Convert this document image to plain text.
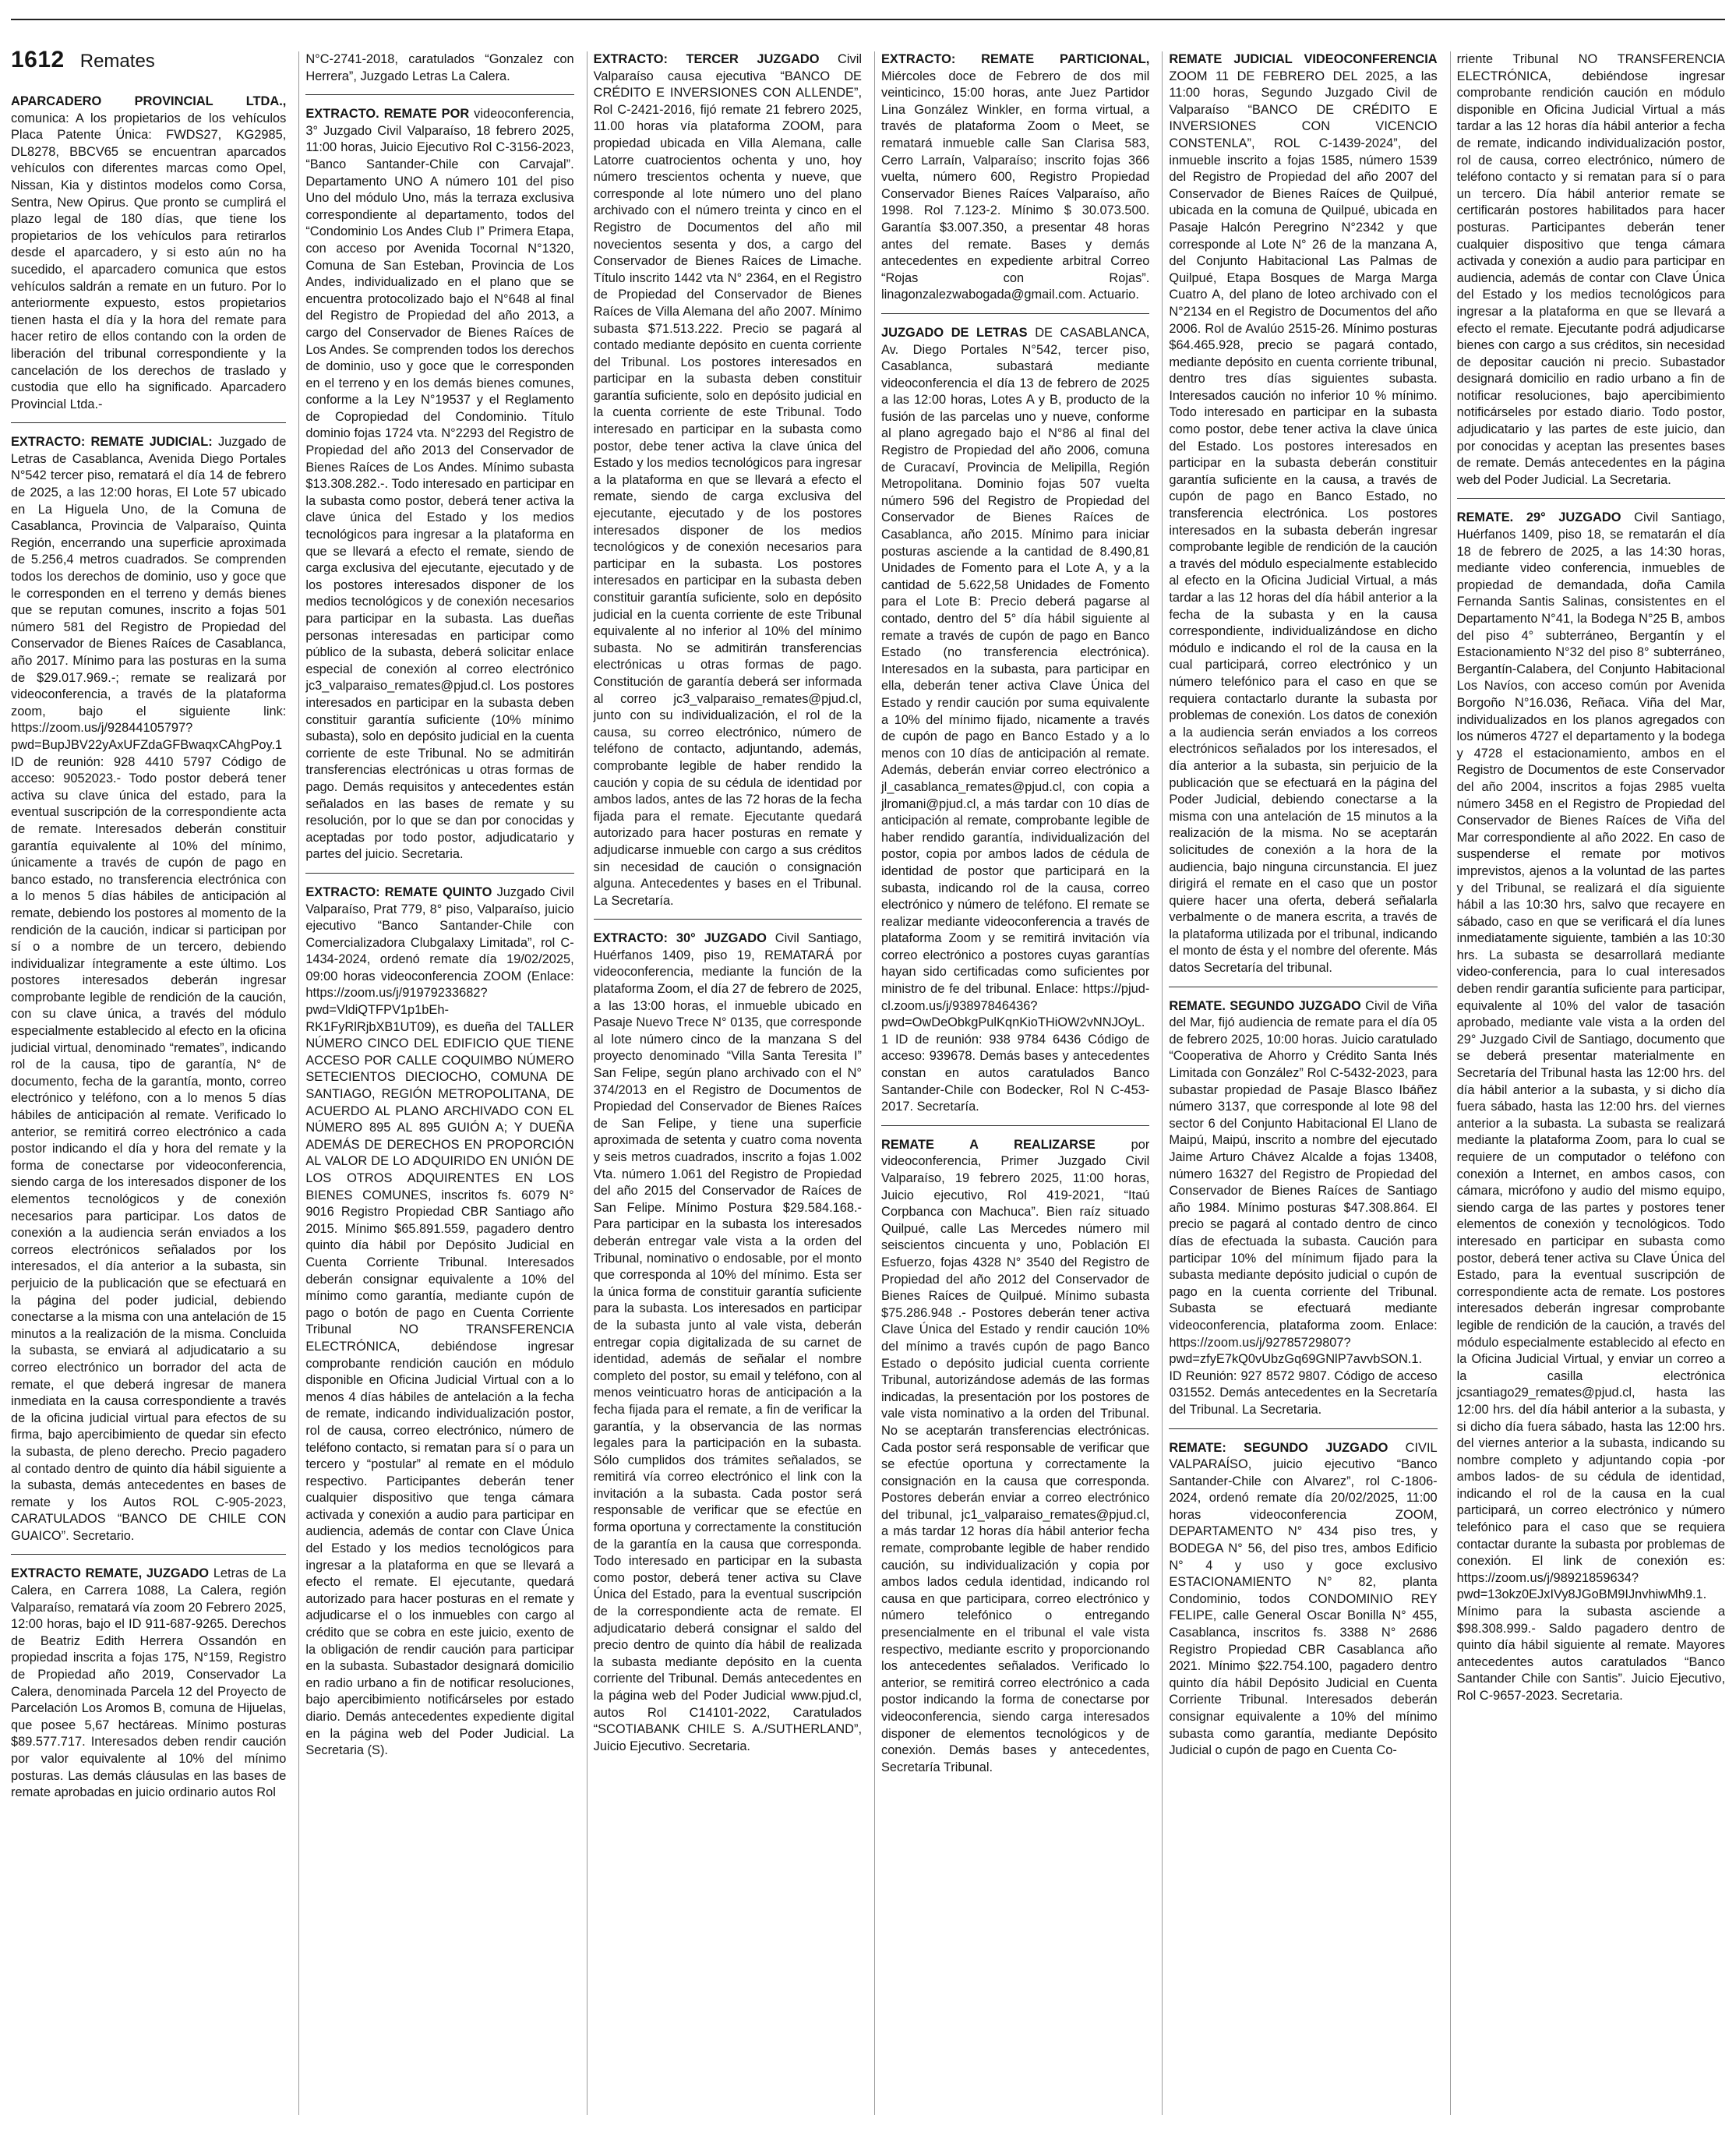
1612 Remates

APARCADERO PROVINCIAL LTDA., comunica: A los propietarios de los vehículos Placa Patente Única: FWDS27, KG2985, DL8278, BBCV65 se encuentran aparcados vehículos con diferentes marcas como Opel, Nissan, Kia y distintos modelos como Corsa, Sentra, New Opirus. Que pronto se cumplirá el plazo legal de 180 días, que tiene los propietarios de los vehículos para retirarlos desde el aparcadero, y si esto aún no ha sucedido, el aparcadero comunica que estos vehículos saldrán a remate en un futuro. Por lo anteriormente expuesto, estos propietarios tienen hasta el día y la hora del remate para hacer retiro de ellos contando con la orden de liberación del tribunal correspondiente y la cancelación de los derechos de traslado y custodia que ello ha significado. Aparcadero Provincial Ltda.-

EXTRACTO: REMATE JUDICIAL: Juzgado de Letras de Casablanca, Avenida Diego Portales N°542 tercer piso, rematará el día 14 de febrero de 2025, a las 12:00 horas, El Lote 57 ubicado en La Higuela Uno, de la Comuna de Casablanca, Provincia de Valparaíso, Quinta Región, encerrando una superficie aproximada de 5.256,4 metros cuadrados. Se comprenden todos los derechos de dominio, uso y goce que le corresponden en el terreno y demás bienes que se reputan comunes, inscrito a fojas 501 número 581 del Registro de Propiedad del Conservador de Bienes Raíces de Casablanca, año 2017. Mínimo para las posturas en la suma de $29.017.969.-; remate se realizará por videoconferencia, a través de la plataforma zoom, bajo el siguiente link: https://zoom.us/j/92844105797?pwd=BupJBV22yAxUFZdaGFBwaqxCAhgPoy.1 ID de reunión: 928 4410 5797 Código de acceso: 9052023.- Todo postor deberá tener activa su clave única del estado, para la eventual suscripción de la correspondiente acta de remate. Interesados deberán constituir garantía equivalente al 10% del mínimo, únicamente a través de cupón de pago en banco estado, no transferencia electrónica con a lo menos 5 días hábiles de anticipación al remate, debiendo los postores al momento de la rendición de la caución, indicar si participan por sí o a nombre de un tercero, debiendo individualizar íntegramente a este último. Los postores interesados deberán ingresar comprobante legible de rendición de la caución, con su clave única, a través del módulo especialmente establecido al efecto en la oficina judicial virtual, denominado “remates”, indicando rol de la causa, tipo de garantía, N° de documento, fecha de la garantía, monto, correo electrónico y teléfono, con a lo menos 5 días hábiles de anticipación al remate. Verificado lo anterior, se remitirá correo electrónico a cada postor indicando el día y hora del remate y la forma de conectarse por videoconferencia, siendo carga de los interesados disponer de los elementos tecnológicos y de conexión necesarios para participar. Los datos de conexión a la audiencia serán enviados a los correos electrónicos señalados por los interesados, el día anterior a la subasta, sin perjuicio de la publicación que se efectuará en la página del poder judicial, debiendo conectarse a la misma con una antelación de 15 minutos a la realización de la misma. Concluida la subasta, se enviará al adjudicatario a su correo electrónico un borrador del acta de remate, el que deberá ingresar de manera inmediata en la causa correspondiente a través de la oficina judicial virtual para efectos de su firma, bajo apercibimiento de quedar sin efecto la subasta, de pleno derecho. Precio pagadero al contado dentro de quinto día hábil siguiente a la subasta, demás antecedentes en bases de remate y los Autos ROL C-905-2023, CARATULADOS “BANCO DE CHILE CON GUAICO”. Secretario.

EXTRACTO REMATE, JUZGADO Letras de La Calera, en Carrera 1088, La Calera, región Valparaíso, rematará vía zoom 20 Febrero 2025, 12:00 horas, bajo el ID 911-687-9265. Derechos de Beatriz Edith Herrera Ossandón en propiedad inscrita a fojas 175, N°159, Registro de Propiedad año 2019, Conservador La Calera, denominada Parcela 12 del Proyecto de Parcelación Los Aromos B, comuna de Hijuelas, que posee 5,67 hectáreas. Mínimo posturas $89.577.717. Interesados deben rendir caución por valor equivalente al 10% del mínimo posturas. Las demás cláusulas en las bases de remate aprobadas en juicio ordinario autos Rol

N°C-2741-2018, caratulados “Gonzalez con Herrera”, Juzgado Letras La Calera.

EXTRACTO. REMATE POR videoconferencia, 3° Juzgado Civil Valparaíso, 18 febrero 2025, 11:00 horas, Juicio Ejecutivo Rol C-3156-2023, “Banco Santander-Chile con Carvajal”. Departamento UNO A número 101 del piso Uno del módulo Uno, más la terraza exclusiva correspondiente al departamento, todos del “Condominio Los Andes Club I” Primera Etapa, con acceso por Avenida Tocornal N°1320, Comuna de San Esteban, Provincia de Los Andes, individualizado en el plano que se encuentra protocolizado bajo el N°648 al final del Registro de Propiedad del año 2013, a cargo del Conservador de Bienes Raíces de Los Andes. Se comprenden todos los derechos de dominio, uso y goce que le corresponden en el terreno y en los demás bienes comunes, conforme a la Ley N°19537 y el Reglamento de Copropiedad del Condominio. Título dominio fojas 1724 vta. N°2293 del Registro de Propiedad del año 2013 del Conservador de Bienes Raíces de Los Andes. Mínimo subasta $13.308.282.-. Todo interesado en participar en la subasta como postor, deberá tener activa la clave única del Estado y los medios tecnológicos para ingresar a la plataforma en que se llevará a efecto el remate, siendo de carga exclusiva del ejecutante, ejecutado y de los postores interesados disponer de los medios tecnológicos y de conexión necesarios para participar en la subasta. Las dueñas personas interesadas en participar como público de la subasta, deberá solicitar enlace especial de conexión al correo electrónico jc3_valparaiso_remates@pjud.cl. Los postores interesados en participar en la subasta deben constituir garantía suficiente (10% mínimo subasta), solo en depósito judicial en la cuenta corriente de este Tribunal. No se admitirán transferencias electrónicas u otras formas de pago. Demás requisitos y antecedentes están señalados en las bases de remate y su resolución, por lo que se dan por conocidas y aceptadas por todo postor, adjudicatario y partes del juicio. Secretaria.

EXTRACTO: REMATE QUINTO Juzgado Civil Valparaíso, Prat 779, 8° piso, Valparaíso, juicio ejecutivo “Banco Santander-Chile con Comercializadora Clubgalaxy Limitada”, rol C-1434-2024, ordenó remate día 19/02/2025, 09:00 horas videoconferencia ZOOM (Enlace: https://zoom.us/j/91979233682?pwd=VldiQTFPV1p1bEh-RK1FyRlRjbXB1UT09), es dueña del TALLER NÚMERO CINCO DEL EDIFICIO QUE TIENE ACCESO POR CALLE COQUIMBO NÚMERO SETECIENTOS DIECIOCHO, COMUNA DE SANTIAGO, REGIÓN METROPOLITANA, DE ACUERDO AL PLANO ARCHIVADO CON EL NÚMERO 895 AL 895 GUIÓN A; Y DUEÑA ADEMÁS DE DERECHOS EN PROPORCIÓN AL VALOR DE LO ADQUIRIDO EN UNIÓN DE LOS OTROS ADQUIRENTES EN LOS BIENES COMUNES, inscritos fs. 6079 N° 9016 Registro Propiedad CBR Santiago año 2015. Mínimo $65.891.559, pagadero dentro quinto día hábil por Depósito Judicial en Cuenta Corriente Tribunal. Interesados deberán consignar equivalente a 10% del mínimo como garantía, mediante cupón de pago o botón de pago en Cuenta Corriente Tribunal NO TRANSFERENCIA ELECTRÓNICA, debiéndose ingresar comprobante rendición caución en módulo disponible en Oficina Judicial Virtual con a lo menos 4 días hábiles de antelación a la fecha de remate, indicando individualización postor, rol de causa, correo electrónico, número de teléfono contacto, si rematan para sí o para un tercero y “postular” al remate en el módulo respectivo. Participantes deberán tener cualquier dispositivo que tenga cámara activada y conexión a audio para participar en audiencia, además de contar con Clave Única del Estado y los medios tecnológicos para ingresar a la plataforma en que se llevará a efecto el remate. El ejecutante, quedará autorizado para hacer posturas en el remate y adjudicarse el o los inmuebles con cargo al crédito que se cobra en este juicio, exento de la obligación de rendir caución para participar en la subasta. Subastador designará domicilio en radio urbano a fin de notificar resoluciones, bajo apercibimiento notificárseles por estado diario. Demás antecedentes expediente digital en la página web del Poder Judicial. La Secretaria (S).

EXTRACTO: TERCER JUZGADO Civil Valparaíso causa ejecutiva “BANCO DE CRÉDITO E INVERSIONES CON ALLENDE”, Rol C-2421-2016, fijó remate 21 febrero 2025, 11.00 horas vía plataforma ZOOM, para propiedad ubicada en Villa Alemana, calle Latorre cuatrocientos ochenta y uno, hoy número trescientos ochenta y nueve, que corresponde al lote número uno del plano archivado con el número treinta y cinco en el Registro de Documentos del año mil novecientos sesenta y dos, a cargo del Conservador de Bienes Raíces de Limache. Título inscrito 1442 vta N° 2364, en el Registro de Propiedad del Conservador de Bienes Raíces de Villa Alemana del año 2007. Mínimo subasta $71.513.222. Precio se pagará al contado mediante depósito en cuenta corriente del Tribunal. Los postores interesados en participar en la subasta deben constituir garantía suficiente, solo en depósito judicial en la cuenta corriente de este Tribunal. Todo interesado en participar en la subasta como postor, debe tener activa la clave única del Estado y los medios tecnológicos para ingresar a la plataforma en que se llevará a efecto el remate, siendo de carga exclusiva del ejecutante, ejecutado y de los postores interesados disponer de los medios tecnológicos y de conexión necesarios para participar en la subasta. Los postores interesados en participar en la subasta deben constituir garantía suficiente, solo en depósito judicial en la cuenta corriente de este Tribunal equivalente al no inferior al 10% del mínimo subasta. No se admitirán transferencias electrónicas u otras formas de pago. Constitución de garantía deberá ser informada al correo jc3_valparaiso_remates@pjud.cl, junto con su individualización, el rol de la causa, su correo electrónico, número de teléfono de contacto, adjuntando, además, comprobante legible de haber rendido la caución y copia de su cédula de identidad por ambos lados, antes de las 72 horas de la fecha fijada para el remate. Ejecutante quedará autorizado para hacer posturas en remate y adjudicarse inmueble con cargo a sus créditos sin necesidad de caución o consignación alguna. Antecedentes y bases en el Tribunal. La Secretaría.

EXTRACTO: 30° JUZGADO Civil Santiago, Huérfanos 1409, piso 19, REMATARÁ por videoconferencia, mediante la función de la plataforma Zoom, el día 27 de febrero de 2025, a las 13:00 horas, el inmueble ubicado en Pasaje Nuevo Trece N° 0135, que corresponde al lote número cinco de la manzana S del proyecto denominado “Villa Santa Teresita I” San Felipe, según plano archivado con el N° 374/2013 en el Registro de Documentos de Propiedad del Conservador de Bienes Raíces de San Felipe, y tiene una superficie aproximada de setenta y cuatro coma noventa y seis metros cuadrados, inscrito a fojas 1.002 Vta. número 1.061 del Registro de Propiedad del año 2015 del Conservador de Raíces de San Felipe. Mínimo Postura $29.584.168.- Para participar en la subasta los interesados deberán entregar vale vista a la orden del Tribunal, nominativo o endosable, por el monto que corresponda al 10% del mínimo. Esta ser la única forma de constituir garantía suficiente para la subasta. Los interesados en participar de la subasta junto al vale vista, deberán entregar copia digitalizada de su carnet de identidad, además de señalar el nombre completo del postor, su email y teléfono, con al menos veinticuatro horas de anticipación a la fecha fijada para el remate, a fin de verificar la garantía, y la observancia de las normas legales para la participación en la subasta. Sólo cumplidos dos trámites señalados, se remitirá vía correo electrónico el link con la invitación a la subasta. Cada postor será responsable de verificar que se efectúe en forma oportuna y correctamente la constitución de la garantía en la causa que corresponda. Todo interesado en participar en la subasta como postor, deberá tener activa su Clave Única del Estado, para la eventual suscripción de la correspondiente acta de remate. El adjudicatario deberá consignar el saldo del precio dentro de quinto día hábil de realizada la subasta mediante depósito en la cuenta corriente del Tribunal. Demás antecedentes en la página web del Poder Judicial www.pjud.cl, autos Rol C14101-2022, Caratulados “SCOTIABANK CHILE S. A./SUTHERLAND”, Juicio Ejecutivo. Secretaria.

EXTRACTO: REMATE PARTICIONAL, Miércoles doce de Febrero de dos mil veinticinco, 15:00 horas, ante Juez Partidor Lina González Winkler, en forma virtual, a través de plataforma Zoom o Meet, se rematará inmueble calle San Clarisa 583, Cerro Larraín, Valparaíso; inscrito fojas 366 vuelta, número 600, Registro Propiedad Conservador Bienes Raíces Valparaíso, año 1998. Rol 7.123-2. Mínimo $ 30.073.500. Garantía $3.007.350, a presentar 48 horas antes del remate. Bases y demás antecedentes en expediente arbitral Correo “Rojas con Rojas”. linagonzalezwabogada@gmail.com. Actuario.

JUZGADO DE LETRAS DE CASABLANCA, Av. Diego Portales N°542, tercer piso, Casablanca, subastará mediante videoconferencia el día 13 de febrero de 2025 a las 12:00 horas, Lotes A y B, producto de la fusión de las parcelas uno y nueve, conforme al plano agregado bajo el N°86 al final del Registro de Propiedad del año 2006, comuna de Curacaví, Provincia de Melipilla, Región Metropolitana. Dominio fojas 507 vuelta número 596 del Registro de Propiedad del Conservador de Bienes Raíces de Casablanca, año 2015. Mínimo para iniciar posturas asciende a la cantidad de 8.490,81 Unidades de Fomento para el Lote A, y a la cantidad de 5.622,58 Unidades de Fomento para el Lote B: Precio deberá pagarse al contado, dentro del 5° día hábil siguiente al remate a través de cupón de pago en Banco Estado (no transferencia electrónica). Interesados en la subasta, para participar en ella, deberán tener activa Clave Única del Estado y rendir caución por suma equivalente a 10% del mínimo fijado, nicamente a través de cupón de pago en Banco Estado y a lo menos con 10 días de anticipación al remate. Además, deberán enviar correo electrónico a jl_casablanca_remates@pjud.cl, con copia a jlromani@pjud.cl, a más tardar con 10 días de anticipación al remate, comprobante legible de haber rendido garantía, individualización del postor, copia por ambos lados de cédula de identidad de postor que participará en la subasta, indicando rol de la causa, correo electrónico y número de teléfono. El remate se realizar mediante videoconferencia a través de plataforma Zoom y se remitirá invitación vía correo electrónico a postores cuyas garantías hayan sido certificadas como suficientes por ministro de fe del tribunal. Enlace: https://pjud-cl.zoom.us/j/93897846436?pwd=OwDeObkgPulKqnKioTHiOW2vNNJOyL.1 ID de reunión: 938 9784 6436 Código de acceso: 939678. Demás bases y antecedentes constan en autos caratulados Banco Santander-Chile con Bodecker, Rol N C-453-2017. Secretaría.

REMATE A REALIZARSE	por videoconferencia, Primer Juzgado Civil Valparaíso, 19 febrero 2025, 11:00 horas, Juicio ejecutivo, Rol 419-2021, “Itaú Corpbanca con Machuca”. Bien raíz situado Quilpué, calle Las Mercedes número mil seiscientos cincuenta y uno, Población El Esfuerzo, fojas 4328 N° 3540 del Registro de Propiedad del año 2012 del Conservador de Bienes Raíces de Quilpué. Mínimo subasta $75.286.948 .- Postores deberán tener activa Clave Única del Estado y rendir caución 10% del mínimo a través cupón de pago Banco Estado o depósito judicial cuenta corriente Tribunal, autorizándose además de las formas indicadas, la presentación por los postores de vale vista nominativo a la orden del Tribunal. No se aceptarán transferencias electrónicas. Cada postor será responsable de verificar que se efectúe oportuna y correctamente la consignación en la causa que corresponda. Postores deberán enviar a correo electrónico del tribunal, jc1_valparaiso_remates@pjud.cl, a más tardar 12 horas día hábil anterior fecha remate, comprobante legible de haber rendido caución, su individualización y copia por ambos lados cedula identidad, indicando rol causa en que participara, correo electrónico y número telefónico o entregando presencialmente en el tribunal el vale vista respectivo, mediante escrito y proporcionando los antecedentes señalados. Verificado lo anterior, se remitirá correo electrónico a cada postor indicando la forma de conectarse por videoconferencia, siendo carga interesados disponer de elementos tecnológicos y de conexión. Demás bases y antecedentes, Secretaría Tribunal.

REMATE JUDICIAL VIDEOCONFERENCIA ZOOM 11 DE FEBRERO DEL 2025, a las 11:00 horas, Segundo Juzgado Civil de Valparaíso “BANCO DE CRÉDITO E INVERSIONES CON VICENCIO CONSTENLA”, ROL C-1439-2024”, del inmueble inscrito a fojas 1585, número 1539 del Registro de Propiedad del año 2007 del Conservador de Bienes Raíces de Quilpué, ubicada en la comuna de Quilpué, ubicada en Pasaje Halcón Peregrino N°2342 y que corresponde al Lote N° 26 de la manzana A, del Conjunto Habitacional Las Palmas de Quilpué, Etapa Bosques de Marga Marga Cuatro A, del plano de loteo archivado con el N°2134 en el Registro de Documentos del año 2006. Rol de Avalúo 2515-26. Mínimo posturas $64.465.928, precio se pagará contado, mediante depósito en cuenta corriente tribunal, dentro tres días siguientes subasta. Interesados caución no inferior 10 % mínimo. Todo interesado en participar en la subasta como postor, debe tener activa la clave única del Estado. Los postores interesados en participar en la subasta deberán constituir garantía suficiente en la causa, a través de cupón de pago en Banco Estado, no transferencia electrónica. Los postores interesados en la subasta deberán ingresar comprobante legible de rendición de la caución a través del módulo especialmente establecido al efecto en la Oficina Judicial Virtual, a más tardar a las 12 horas del día hábil anterior a la fecha de la subasta y en la causa correspondiente, individualizándose en dicho módulo e indicando el rol de la causa en la cual participará, correo electrónico y un número telefónico para el caso en que se requiera contactarlo durante la subasta por problemas de conexión. Los datos de conexión a la audiencia serán enviados a los correos electrónicos señalados por los interesados, el día anterior a la subasta, sin perjuicio de la publicación que se efectuará en la página del Poder Judicial, debiendo conectarse a la misma con una antelación de 15 minutos a la realización de la misma. No se aceptarán solicitudes de conexión a la hora de la audiencia, bajo ninguna circunstancia. El juez dirigirá el remate en el caso que un postor quiere hacer una oferta, deberá señalarla verbalmente o de manera escrita, a través de la plataforma utilizada por el tribunal, indicando el monto de ésta y el nombre del oferente. Más datos Secretaría del tribunal.

REMATE. SEGUNDO JUZGADO Civil de Viña del Mar, fijó audiencia de remate para el día 05 de febrero 2025, 10:00 horas. Juicio caratulado “Cooperativa de Ahorro y Crédito Santa Inés Limitada con González” Rol C-5432-2023, para subastar propiedad de Pasaje Blasco Ibáñez número 3137, que corresponde al lote 98 del sector 6 del Conjunto Habitacional El Llano de Maipú, Maipú, inscrito a nombre del ejecutado Jaime Arturo Chávez Alcalde a fojas 13408, número 16327 del Registro de Propiedad del Conservador de Bienes Raíces de Santiago año 1984. Mínimo posturas $47.308.864. El precio se pagará al contado dentro de cinco días de efectuada la subasta. Caución para participar 10% del mínimum fijado para la subasta mediante depósito judicial o cupón de pago en la cuenta corriente del Tribunal. Subasta se efectuará mediante videoconferencia, plataforma zoom. Enlace: https://zoom.us/j/92785729807?pwd=zfyE7kQ0vUbzGq69GNlP7avvbSON.1. ID Reunión: 927 8572 9807. Código de acceso 031552. Demás antecedentes en la Secretaría del Tribunal. La Secretaria.

REMATE: SEGUNDO JUZGADO CIVIL VALPARAÍSO, juicio ejecutivo “Banco Santander-Chile con Alvarez”, rol C-1806-2024, ordenó remate día 20/02/2025, 11:00 horas videoconferencia ZOOM, DEPARTAMENTO N° 434 piso tres, y BODEGA N° 56, del piso tres, ambos Edificio N° 4 y uso y goce exclusivo ESTACIONAMIENTO N° 82, planta Condominio, todos CONDOMINIO REY FELIPE, calle General Oscar Bonilla N° 455, Casablanca, inscritos fs. 3388 N° 2686 Registro Propiedad CBR Casablanca año 2021. Mínimo $22.754.100, pagadero dentro quinto día hábil Depósito Judicial en Cuenta Corriente Tribunal. Interesados deberán consignar equivalente a 10% del mínimo subasta como garantía, mediante Depósito Judicial o cupón de pago en Cuenta Co-

rriente Tribunal NO TRANSFERENCIA ELECTRÓNICA, debiéndose ingresar comprobante rendición caución en módulo disponible en Oficina Judicial Virtual a más tardar a las 12 horas día hábil anterior a fecha de remate, indicando individualización postor, rol de causa, correo electrónico, número de teléfono contacto y si rematan para sí o para un tercero. Día hábil anterior remate se certificarán postores habilitados para hacer posturas. Participantes deberán tener cualquier dispositivo que tenga cámara activada y conexión a audio para participar en audiencia, además de contar con Clave Única del Estado y los medios tecnológicos para ingresar a la plataforma en que se llevará a efecto el remate. Ejecutante podrá adjudicarse bienes con cargo a sus créditos, sin necesidad de depositar caución ni precio. Subastador designará domicilio en radio urbano a fin de notificar resoluciones, bajo apercibimiento notificárseles por estado diario. Todo postor, adjudicatario y las partes de este juicio, dan por conocidas y aceptan las presentes bases de remate. Demás antecedentes en la página web del Poder Judicial. La Secretaria.

REMATE. 29° JUZGADO Civil Santiago, Huérfanos 1409, piso 18, se rematarán el día 18 de febrero de 2025, a las 14:30 horas, mediante video conferencia, inmuebles de propiedad de demandada, doña Camila Fernanda Santis Salinas, consistentes en el Departamento N°41, la Bodega N°25 B, ambos del piso 4° subterráneo, Bergantín y el Estacionamiento N°32 del piso 8° subterráneo, Bergantín-Calabera, del Conjunto Habitacional Los Navíos, con acceso común por Avenida Borgoño N°16.036, Reñaca. Viña del Mar, individualizados en los planos agregados con los números 4727 el departamento y la bodega y 4728 el estacionamiento, ambos en el Registro de Documentos de este Conservador del año 2004, inscritos a fojas 2985 vuelta número 3458 en el Registro de Propiedad del Conservador de Bienes Raíces de Viña del Mar correspondiente al año 2022. En caso de suspenderse el remate por motivos imprevistos, ajenos a la voluntad de las partes y del Tribunal, se realizará el día siguiente hábil a las 10:30 hrs, salvo que recayere en sábado, caso en que se verificará el día lunes inmediatamente siguiente, también a las 10:30 hrs. La subasta se desarrollará mediante video-conferencia, para lo cual interesados deben rendir garantía suficiente para participar, equivalente al 10% del valor de tasación aprobado, mediante vale vista a la orden del 29° Juzgado Civil de Santiago, documento que se deberá presentar materialmente en Secretaría del Tribunal hasta las 12:00 hrs. del día hábil anterior a la subasta, y si dicho día fuera sábado, hasta las 12:00 hrs. del viernes anterior a la subasta. La subasta se realizará mediante la plataforma Zoom, para lo cual se requiere de un computador o teléfono con conexión a Internet, en ambos casos, con cámara, micrófono y audio del mismo equipo, siendo carga de las partes y postores tener elementos de conexión y tecnológicos. Todo interesado en participar en subasta como postor, deberá tener activa su Clave Única del Estado, para la eventual suscripción de correspondiente acta de remate. Los postores interesados deberán ingresar comprobante legible de rendición de la caución, a través del módulo especialmente establecido al efecto en la Oficina Judicial Virtual, y enviar un correo a la casilla electrónica jcsantiago29_remates@pjud.cl, hasta las 12:00 hrs. del día hábil anterior a la subasta, y si dicho día fuera sábado, hasta las 12:00 hrs. del viernes anterior a la subasta, indicando su nombre completo y adjuntando copia -por ambos lados- de su cédula de identidad, indicando el rol de la causa en la cual participará, un correo electrónico y número telefónico para el caso que se requiera contactar durante la subasta por problemas de conexión. El link de conexión es: https://zoom.us/j/98921859634?pwd=13okz0EJxIVy8JGoBM9IJnvhiwMh9.1. Mínimo para la subasta asciende a $98.308.999.- Saldo pagadero dentro de quinto día hábil siguiente al remate. Mayores antecedentes autos caratulados “Banco Santander Chile con Santis”. Juicio Ejecutivo, Rol C-9657-2023. Secretaria.
